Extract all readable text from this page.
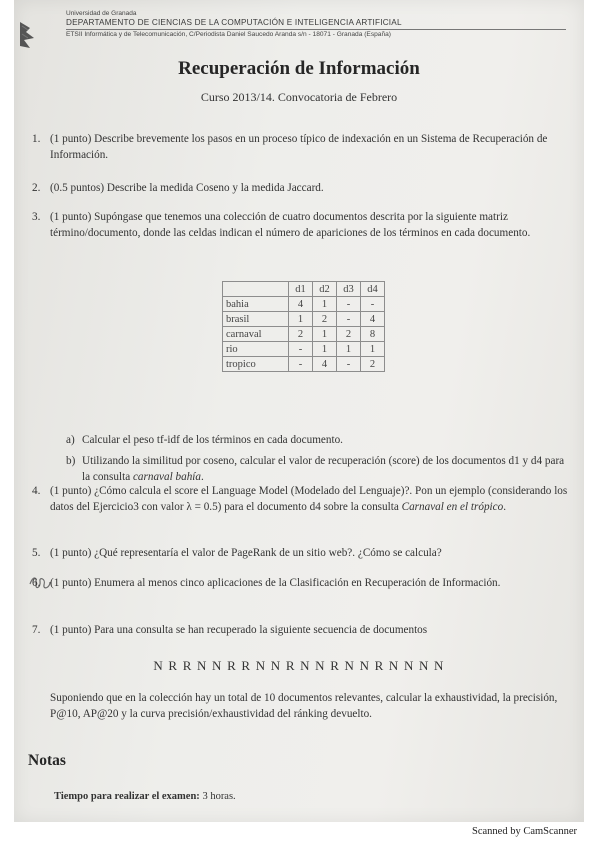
Universidad de Granada
DEPARTAMENTO DE CIENCIAS DE LA COMPUTACIÓN E INTELIGENCIA ARTIFICIAL
ETSII Informática y de Telecomunicación, C/Periodista Daniel Saucedo Aranda s/n - 18071 - Granada (España)
Recuperación de Información
Curso 2013/14. Convocatoria de Febrero
1. (1 punto) Describe brevemente los pasos en un proceso típico de indexación en un Sistema de Recuperación de Información.
2. (0.5 puntos) Describe la medida Coseno y la medida Jaccard.
3. (1 punto) Supóngase que tenemos una colección de cuatro documentos descrita por la siguiente matriz término/documento, donde las celdas indican el número de apariciones de los términos en cada documento.
	d1	d2	d3	d4
bahia	4	1	-	-
brasil	1	2	-	4
carnaval	2	1	2	8
rio	-	1	1	1
tropico	-	4	-	2
a) Calcular el peso tf-idf de los términos en cada documento.
b) Utilizando la similitud por coseno, calcular el valor de recuperación (score) de los documentos d1 y d4 para la consulta carnaval bahía.
4. (1 punto) ¿Cómo calcula el score el Language Model (Modelado del Lenguaje)?. Pon un ejemplo (considerando los datos del Ejercicio3 con valor λ = 0.5) para el documento d4 sobre la consulta Carnaval en el trópico.
5. (1 punto) ¿Qué representaría el valor de PageRank de un sitio web?. ¿Cómo se calcula?
6. (1 punto) Enumera al menos cinco aplicaciones de la Clasificación en Recuperación de Información.
7. (1 punto) Para una consulta se han recuperado la siguiente secuencia de documentos
N R R N N R R N N R N N R N N R N N N N
Suponiendo que en la colección hay un total de 10 documentos relevantes, calcular la exhaustividad, la precisión, P@10, AP@20 y la curva precisión/exhaustividad del ránking devuelto.
Notas
Tiempo para realizar el examen: 3 horas.
Scanned by CamScanner
